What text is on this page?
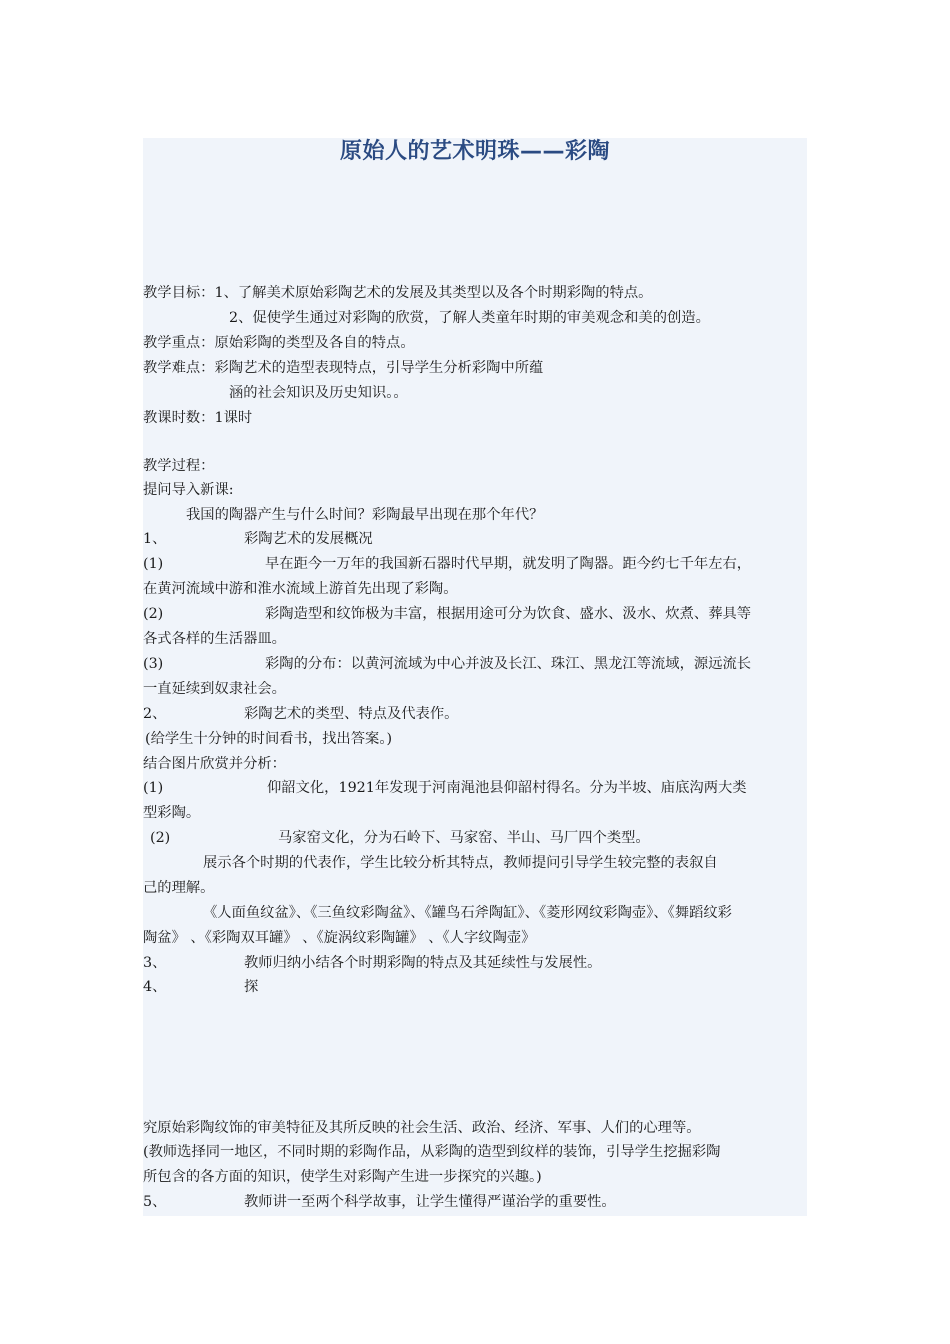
原始人的艺术明珠——彩陶
教学目标：1、了解美术原始彩陶艺术的发展及其类型以及各个时期彩陶的特点。
2、促使学生通过对彩陶的欣赏，了解人类童年时期的审美观念和美的创造。
教学重点：原始彩陶的类型及各自的特点。
教学难点：彩陶艺术的造型表现特点，引导学生分析彩陶中所蕴
涵的社会知识及历史知识。。
教课时数：1课时
教学过程：
提问导入新课:
我国的陶器产生与什么时间？彩陶最早出现在那个年代？
1、	彩陶艺术的发展概况
(1)	早在距今一万年的我国新石器时代早期，就发明了陶器。距今约七千年左右，
在黄河流域中游和淮水流域上游首先出现了彩陶。
(2)	彩陶造型和纹饰极为丰富，根据用途可分为饮食、盛水、汲水、炊煮、葬具等
各式各样的生活器皿。
(3)	彩陶的分布：以黄河流域为中心并波及长江、珠江、黑龙江等流域，源远流长
一直延续到奴隶社会。
2、	彩陶艺术的类型、特点及代表作。
(给学生十分钟的时间看书，找出答案。)
结合图片欣赏并分析：
(1)	仰韶文化，1921年发现于河南渑池县仰韶村得名。分为半坡、庙底沟两大类
型彩陶。
(2)	马家窑文化，分为石岭下、马家窑、半山、马厂四个类型。
展示各个时期的代表作，学生比较分析其特点，教师提问引导学生较完整的表叙自
己的理解。
《人面鱼纹盆》、《三鱼纹彩陶盆》、《罐鸟石斧陶缸》、《菱形网纹彩陶壶》、《舞蹈纹彩
陶盆》 、《彩陶双耳罐》 、《旋涡纹彩陶罐》 、《人字纹陶壶》
3、	教师归纳小结各个时期彩陶的特点及其延续性与发展性。
4、	探
究原始彩陶纹饰的审美特征及其所反映的社会生活、政治、经济、军事、人们的心理等。
(教师选择同一地区，不同时期的彩陶作品，从彩陶的造型到纹样的装饰，引导学生挖掘彩陶
所包含的各方面的知识，使学生对彩陶产生进一步探究的兴趣。)
5、	教师讲一至两个科学故事，让学生懂得严谨治学的重要性。
